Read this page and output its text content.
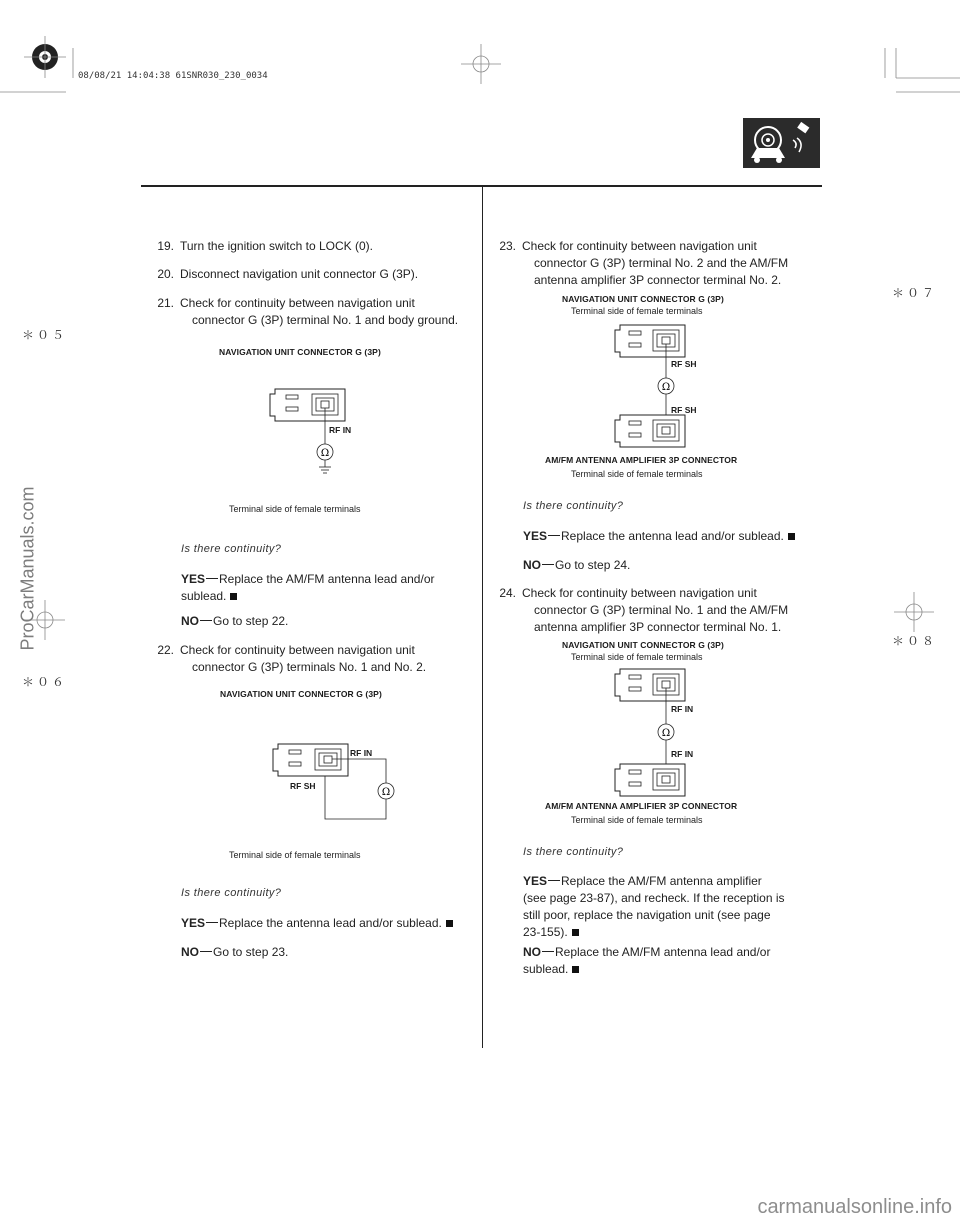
08/08/21 14:04:38 61SNR030_230_0034
＊０５
＊０６
＊０７
＊０８
ProCarManuals.com
carmanualsonline.info
19. Turn the ignition switch to LOCK (0).
20. Disconnect navigation unit connector G (3P).
21. Check for continuity between navigation unit
connector G (3P) terminal No. 1 and body ground.
NAVIGATION UNIT CONNECTOR G (3P)
Ω
RF IN
Terminal side of female terminals
Is there continuity?
YES Replace the AM/FM antenna lead and/or
sublead.
NO Go to step 22.
22. Check for continuity between navigation unit
connector G (3P) terminals No. 1 and No. 2.
NAVIGATION UNIT CONNECTOR G (3P)
Ω
RF IN
RF SH
Terminal side of female terminals
Is there continuity?
YES Replace the antenna lead and/or sublead.
NO Go to step 23.
23. Check for continuity between navigation unit
connector G (3P) terminal No. 2 and the AM/FM
antenna amplifier 3P connector terminal No. 2.
NAVIGATION UNIT CONNECTOR G (3P)
Terminal side of female terminals
Ω
RF SH
RF SH
AM/FM ANTENNA AMPLIFIER 3P CONNECTOR
Terminal side of female terminals
Is there continuity?
YES Replace the antenna lead and/or sublead.
NO Go to step 24.
24. Check for continuity between navigation unit
connector G (3P) terminal No. 1 and the AM/FM
antenna amplifier 3P connector terminal No. 1.
NAVIGATION UNIT CONNECTOR G (3P)
Terminal side of female terminals
Ω
RF IN
RF IN
AM/FM ANTENNA AMPLIFIER 3P CONNECTOR
Terminal side of female terminals
Is there continuity?
YES Replace the AM/FM antenna amplifier
(see page 23-87), and recheck. If the reception is
still poor, replace the navigation unit (see page
23-155).
NO Replace the AM/FM antenna lead and/or
sublead.
